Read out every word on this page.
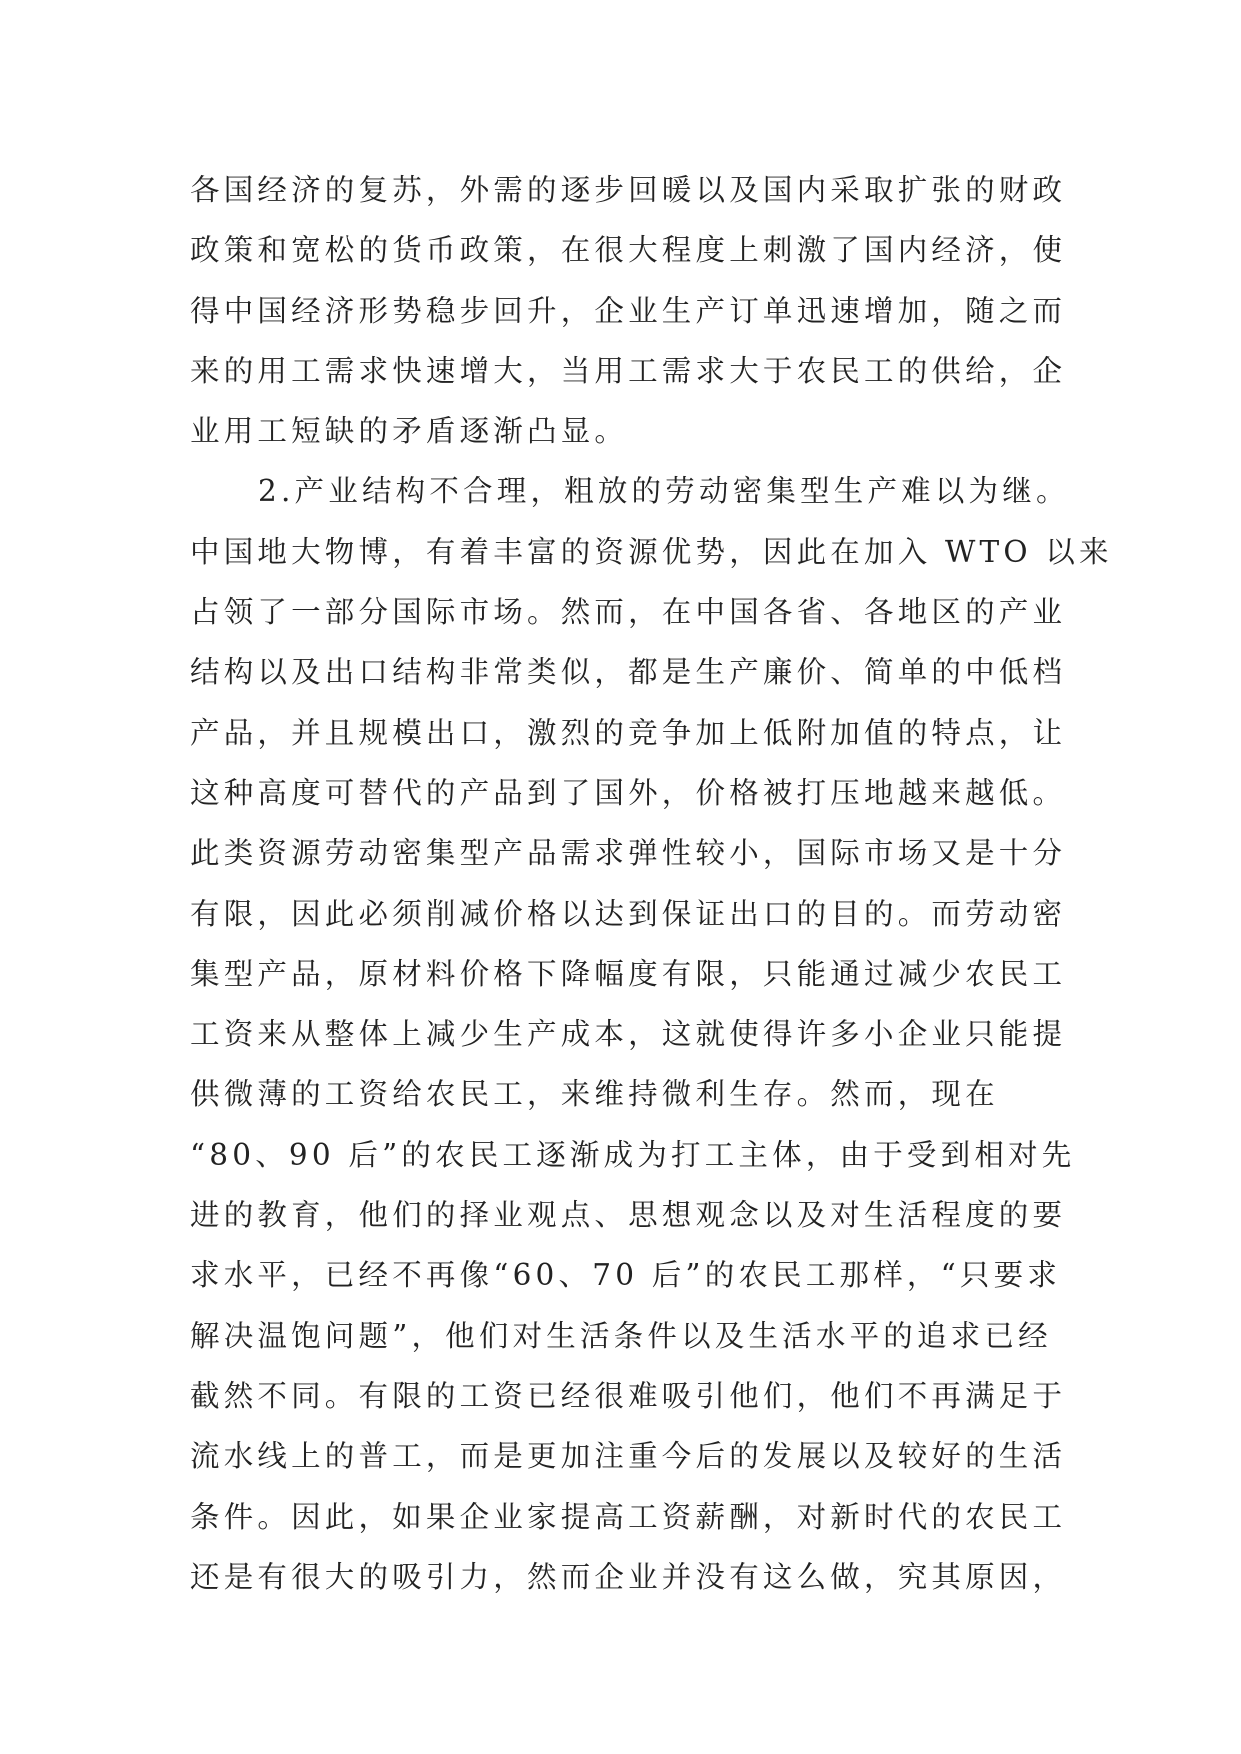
各国经济的复苏，外需的逐步回暖以及国内采取扩张的财政
政策和宽松的货币政策，在很大程度上刺激了国内经济，使
得中国经济形势稳步回升，企业生产订单迅速增加，随之而
来的用工需求快速增大，当用工需求大于农民工的供给，企
业用工短缺的矛盾逐渐凸显。
2.产业结构不合理，粗放的劳动密集型生产难以为继。
中国地大物博，有着丰富的资源优势，因此在加入 WTO 以来
占领了一部分国际市场。然而，在中国各省、各地区的产业
结构以及出口结构非常类似，都是生产廉价、简单的中低档
产品，并且规模出口，激烈的竞争加上低附加值的特点，让
这种高度可替代的产品到了国外，价格被打压地越来越低。
此类资源劳动密集型产品需求弹性较小，国际市场又是十分
有限，因此必须削减价格以达到保证出口的目的。而劳动密
集型产品，原材料价格下降幅度有限，只能通过减少农民工
工资来从整体上减少生产成本，这就使得许多小企业只能提
供微薄的工资给农民工，来维持微利生存。然而，现在
“80、90 后”的农民工逐渐成为打工主体，由于受到相对先
进的教育，他们的择业观点、思想观念以及对生活程度的要
求水平，已经不再像“60、70 后”的农民工那样，“只要求
解决温饱问题”，他们对生活条件以及生活水平的追求已经
截然不同。有限的工资已经很难吸引他们，他们不再满足于
流水线上的普工，而是更加注重今后的发展以及较好的生活
条件。因此，如果企业家提高工资薪酬，对新时代的农民工
还是有很大的吸引力，然而企业并没有这么做，究其原因，
